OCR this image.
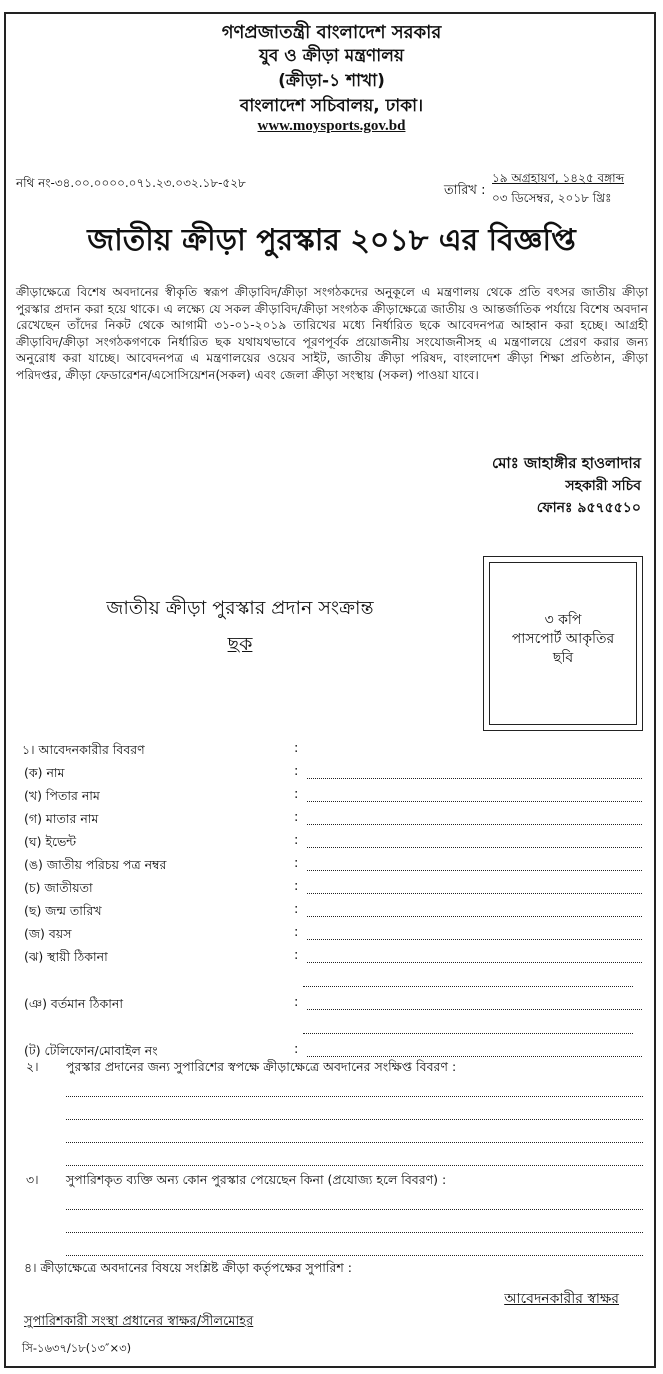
গণপ্রজাতন্ত্রী বাংলাদেশ সরকার
যুব ও ক্রীড়া মন্ত্রণালয়
(ক্রীড়া-১ শাখা)
বাংলাদেশ সচিবালয়, ঢাকা।
www.moysports.gov.bd
নথি নং-৩৪.০০.০০০০.০৭১.২৩.০৩২.১৮-৫২৮	তারিখ :
১৯ অগ্রহায়ণ, ১৪২৫ বঙ্গাব্দ
০৩ ডিসেম্বর, ২০১৮ খ্রিঃ
জাতীয় ক্রীড়া পুরস্কার ২০১৮ এর বিজ্ঞপ্তি
ক্রীড়াক্ষেত্রে বিশেষ অবদানের স্বীকৃতি স্বরূপ ক্রীড়াবিদ/ক্রীড়া সংগঠকদের অনুকূলে এ মন্ত্রণালয় থেকে প্রতি বৎসর জাতীয় ক্রীড়া পুরস্কার প্রদান করা হয়ে থাকে। এ লক্ষ্যে যে সকল ক্রীড়াবিদ/ক্রীড়া সংগঠক ক্রীড়াক্ষেত্রে জাতীয় ও আন্তর্জাতিক পর্যায়ে বিশেষ অবদান রেখেছেন তাঁদের নিকট থেকে আগামী ৩১-০১-২০১৯ তারিখের মধ্যে নির্ধারিত ছকে আবেদনপত্র আহ্বান করা হচ্ছে। আগ্রহী ক্রীড়াবিদ/ক্রীড়া সংগঠকগণকে নির্ধারিত ছক যথাযথভাবে পূরণপূর্বক প্রয়োজনীয় সংযোজনীসহ এ মন্ত্রণালয়ে প্রেরণ করার জন্য অনুরোধ করা যাচ্ছে। আবেদনপত্র এ মন্ত্রণালয়ের ওয়েব সাইট, জাতীয় ক্রীড়া পরিষদ, বাংলাদেশ ক্রীড়া শিক্ষা প্রতিষ্ঠান, ক্রীড়া পরিদপ্তর, ক্রীড়া ফেডারেশন/এসোসিয়েশন(সকল) এবং জেলা ক্রীড়া সংস্থায় (সকল) পাওয়া যাবে।
মোঃ জাহাঙ্গীর হাওলাদার
সহকারী সচিব
ফোনঃ ৯৫৭৫৫১০
জাতীয় ক্রীড়া পুরস্কার প্রদান সংক্রান্ত
ছক
৩ কপি
পাসপোর্ট আকৃতির
ছবি
১। আবেদনকারীর বিবরণ	:
(ক) নাম	:
(খ) পিতার নাম	:
(গ) মাতার নাম	:
(ঘ) ইভেন্ট	:
(ঙ) জাতীয় পরিচয় পত্র নম্বর	:
(চ) জাতীয়তা	:
(ছ) জন্ম তারিখ	:
(জ) বয়স	:
(ঝ) স্থায়ী ঠিকানা	:
(ঞ) বর্তমান ঠিকানা	:
(ট) টেলিফোন/মোবাইল নং	:
২। পুরস্কার প্রদানের জন্য সুপারিশের স্বপক্ষে ক্রীড়াক্ষেত্রে অবদানের সংক্ষিপ্ত বিবরণ :
৩। সুপারিশকৃত ব্যক্তি অন্য কোন পুরস্কার পেয়েছেন কিনা (প্রযোজ্য হলে বিবরণ) :
৪। ক্রীড়াক্ষেত্রে অবদানের বিষয়ে সংশ্লিষ্ট ক্রীড়া কর্তৃপক্ষের সুপারিশ :
আবেদনকারীর স্বাক্ষর
সুপারিশকারী সংস্থা প্রধানের স্বাক্ষর/সীলমোহর
সি-১৬৩৭/১৮(১৩″×৩)
